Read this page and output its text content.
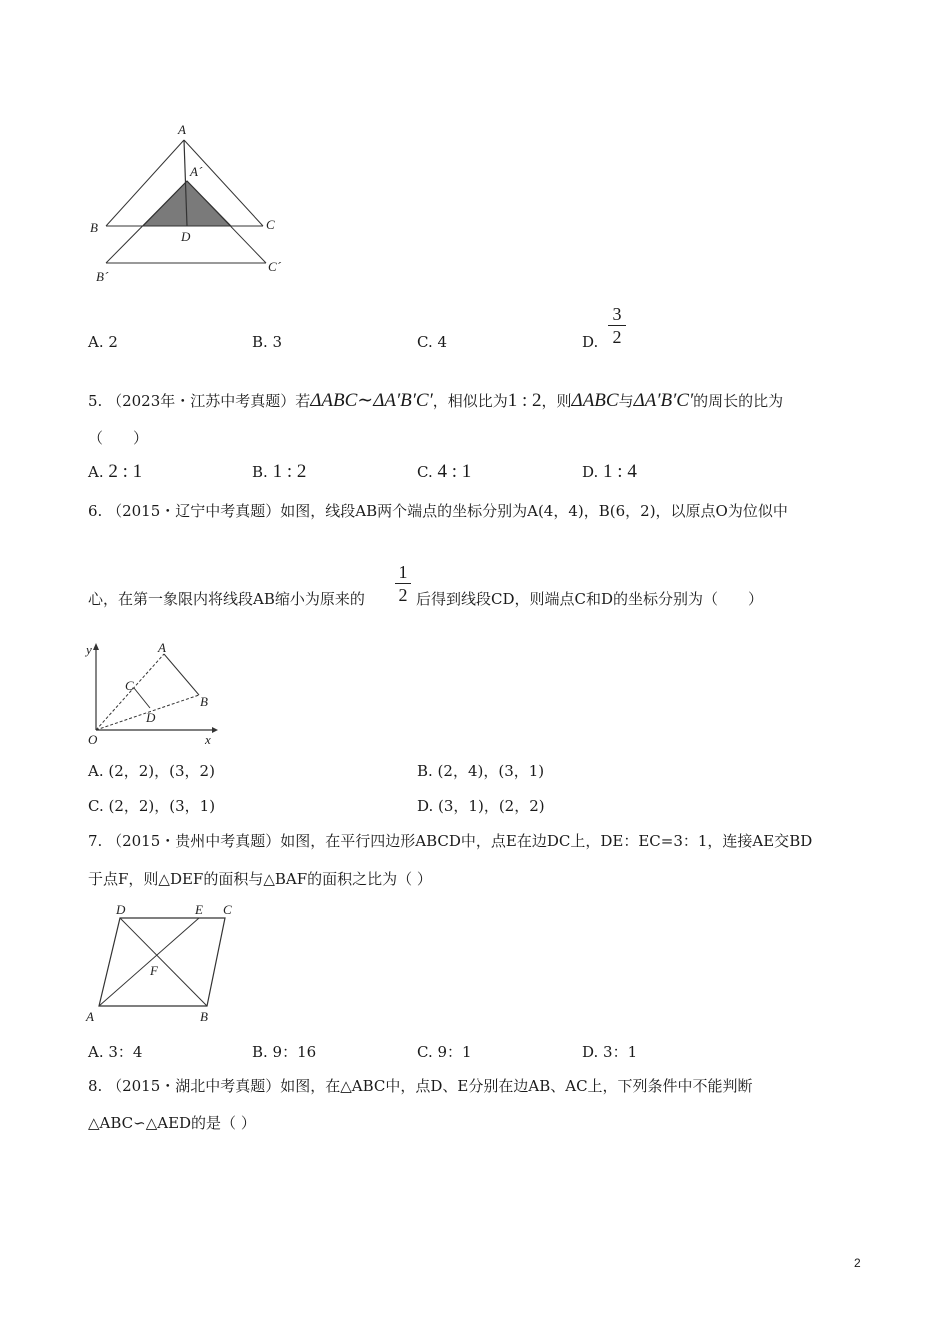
A
A´
B	C
D
B´
C´
A. 2	B. 3	C. 4	D.
3
2
5. （2023年・江苏中考真题）若ΔABC∼ΔA′B′C′，相似比为1 : 2，则ΔABC与ΔA′B′C′的周长的比为
（　　）
A. 2 : 1	B. 1 : 2	C. 4 : 1	D. 1 : 4
6. （2015・辽宁中考真题）如图，线段AB两个端点的坐标分别为A(4，4)，B(6，2)，以原点O为位似中
心，在第一象限内将线段AB缩小为原来的
1
2 后得到线段CD，则端点C和D的坐标分别为（　　）
y
x
O
A
B
C
D
A. (2，2)，(3，2)	B. (2，4)，(3，1)
C. (2，2)，(3，1)	D. (3，1)，(2，2)
7. （2015・贵州中考真题）如图，在平行四边形ABCD中，点E在边DC上，DE：EC=3：1，连接AE交BD
于点F，则△DEF的面积与△BAF的面积之比为（ ）
D	E C
F
A	B
A. 3：4	B. 9：16	C. 9：1	D. 3：1
8. （2015・湖北中考真题）如图，在△ABC中，点D、E分别在边AB、AC上，下列条件中不能判断
△ABC∽△AED的是（ ）
2
